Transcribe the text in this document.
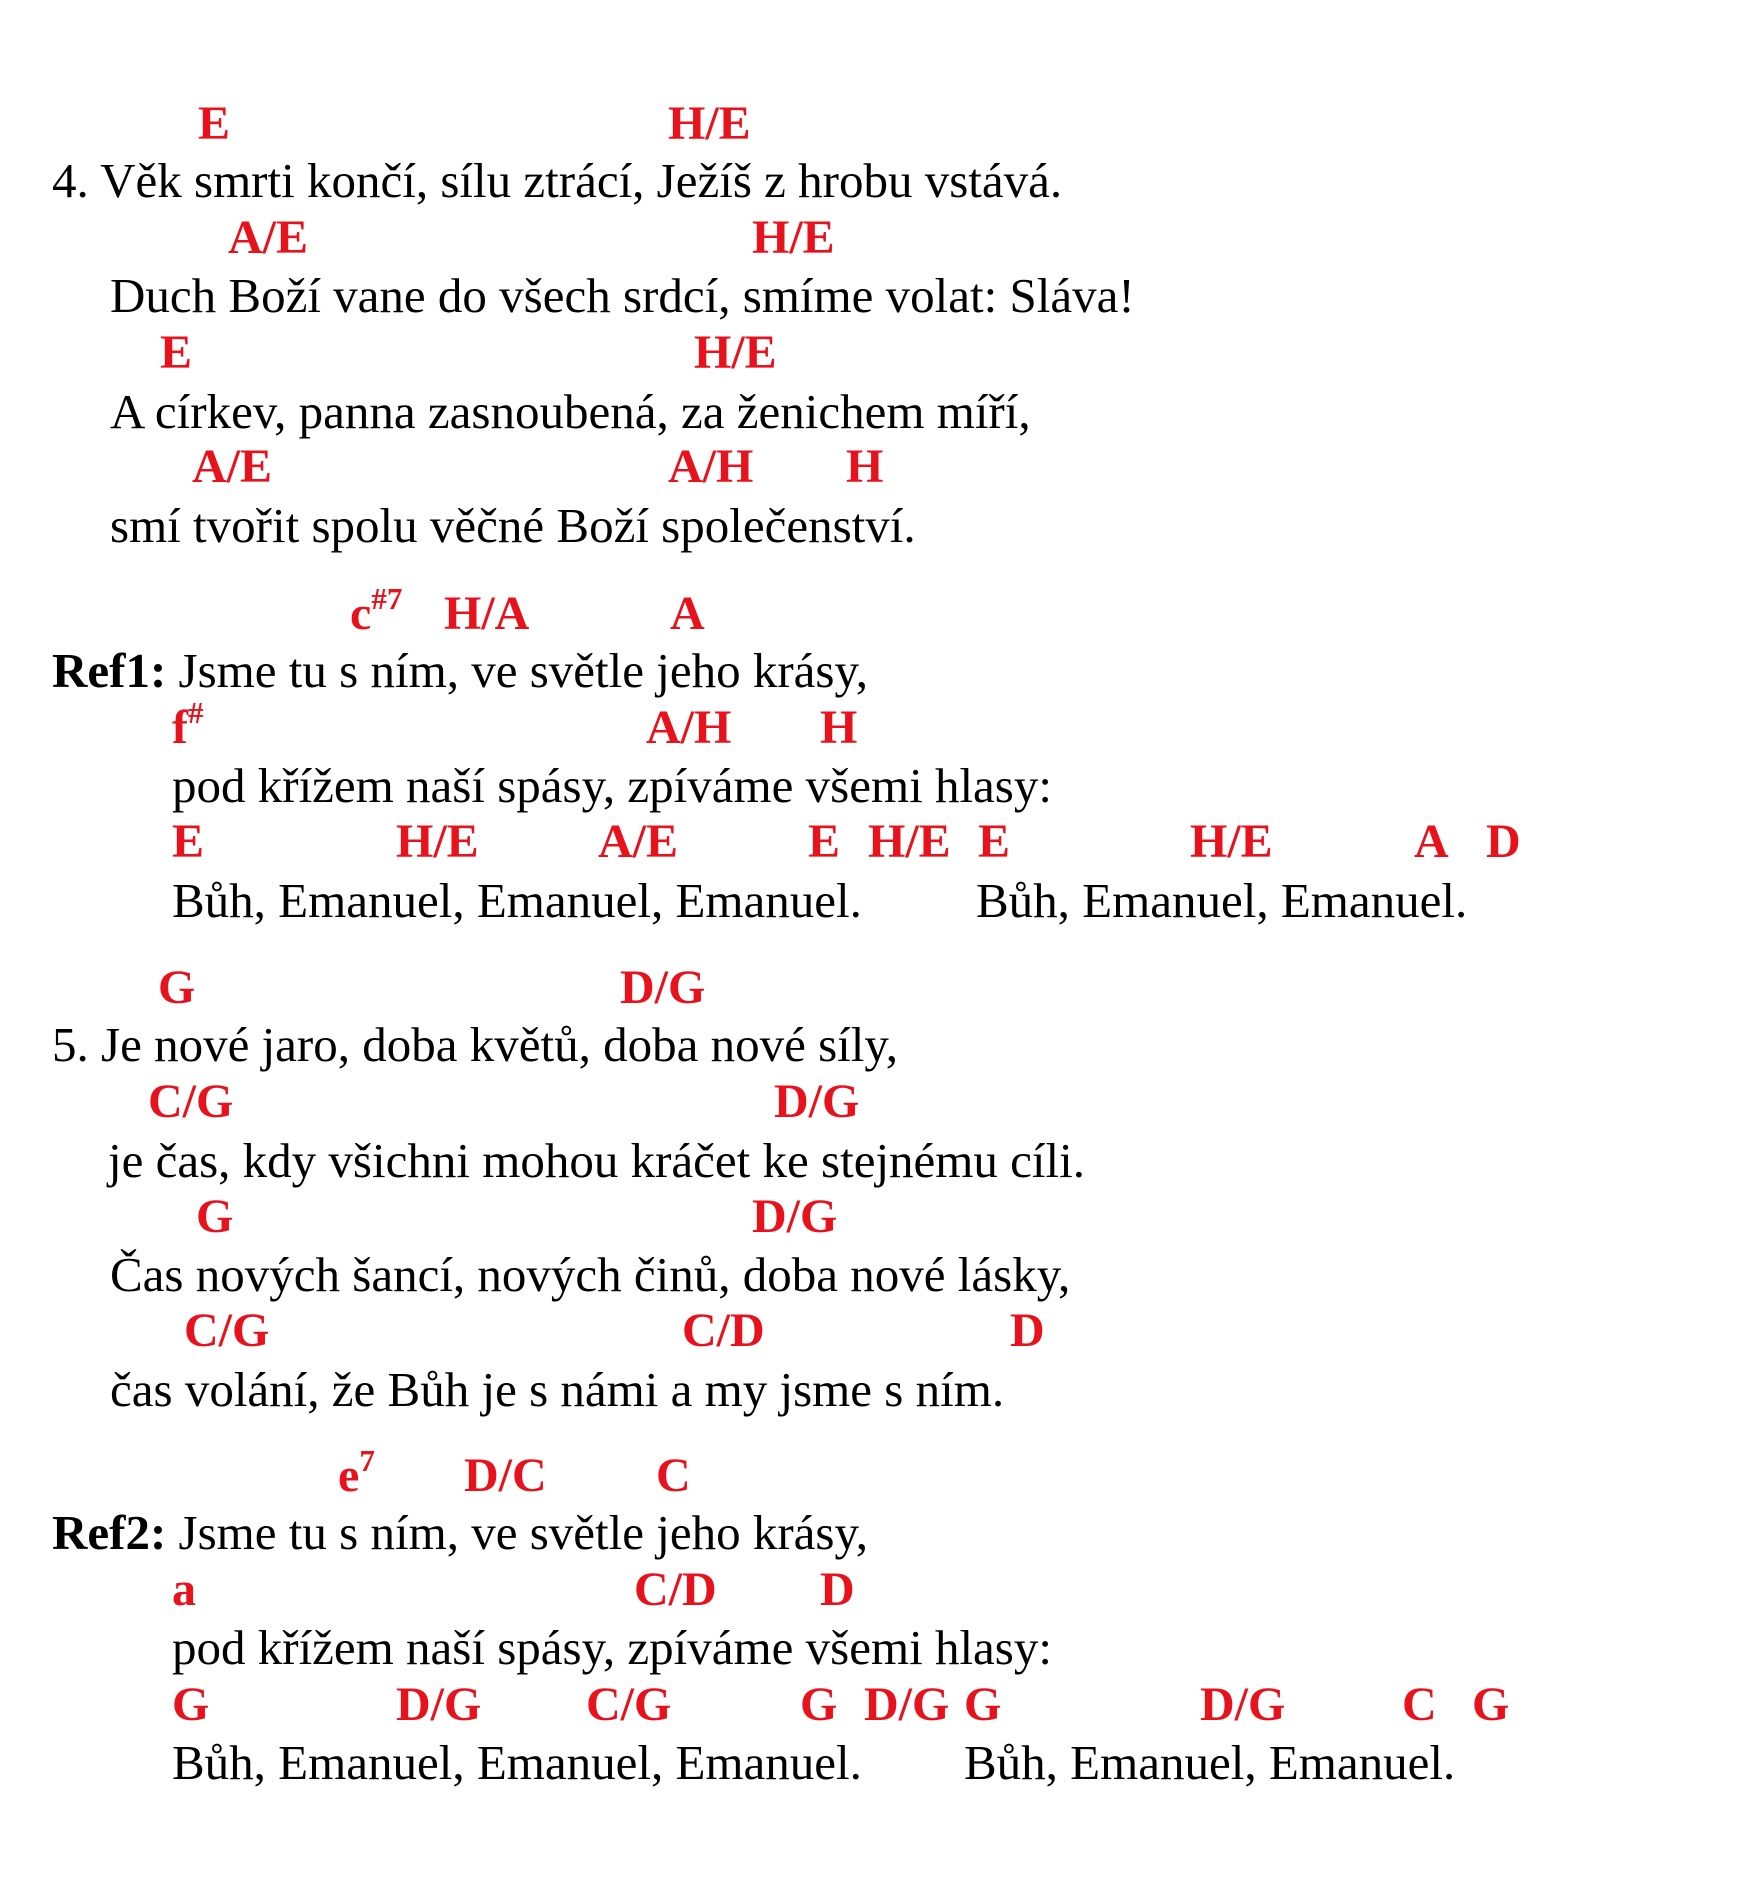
E	H/E
4. Věk smrti končí, sílu ztrácí, Ježíš z hrobu vstává.
A/E	H/E
Duch Boží vane do všech srdcí, smíme volat: Sláva!
E	H/E
A církev, panna zasnoubená, za ženichem míří,
A/E	A/H H
smí tvořit spolu věčné Boží společenství.
$c^{\#7}$ H/A	A
Ref1: Jsme tu s ním, ve světle jeho krásy,
f#	A/H H
pod křížem naší spásy, zpíváme všemi hlasy:
E	H/E A/E	E H/E E	H/E	A D
Bůh, Emanuel, Emanuel, Emanuel. Bůh, Emanuel, Emanuel.
G	D/G
5. Je nové jaro, doba květů, doba nové síly,
C/G	D/G
je čas, kdy všichni mohou kráčet ke stejnému cíli.
G	D/G
Čas nových šancí, nových činů, doba nové lásky,
C/G	C/D	D
čas volání, že Bůh je s námi a my jsme s ním.
$e^7$ D/C C
Ref2: Jsme tu s ním, ve světle jeho krásy,
a	C/D D
pod křížem naší spásy, zpíváme všemi hlasy:
G	D/G C/G	G D/G G	D/G C G
Bůh, Emanuel, Emanuel, Emanuel. Bůh, Emanuel, Emanuel.
